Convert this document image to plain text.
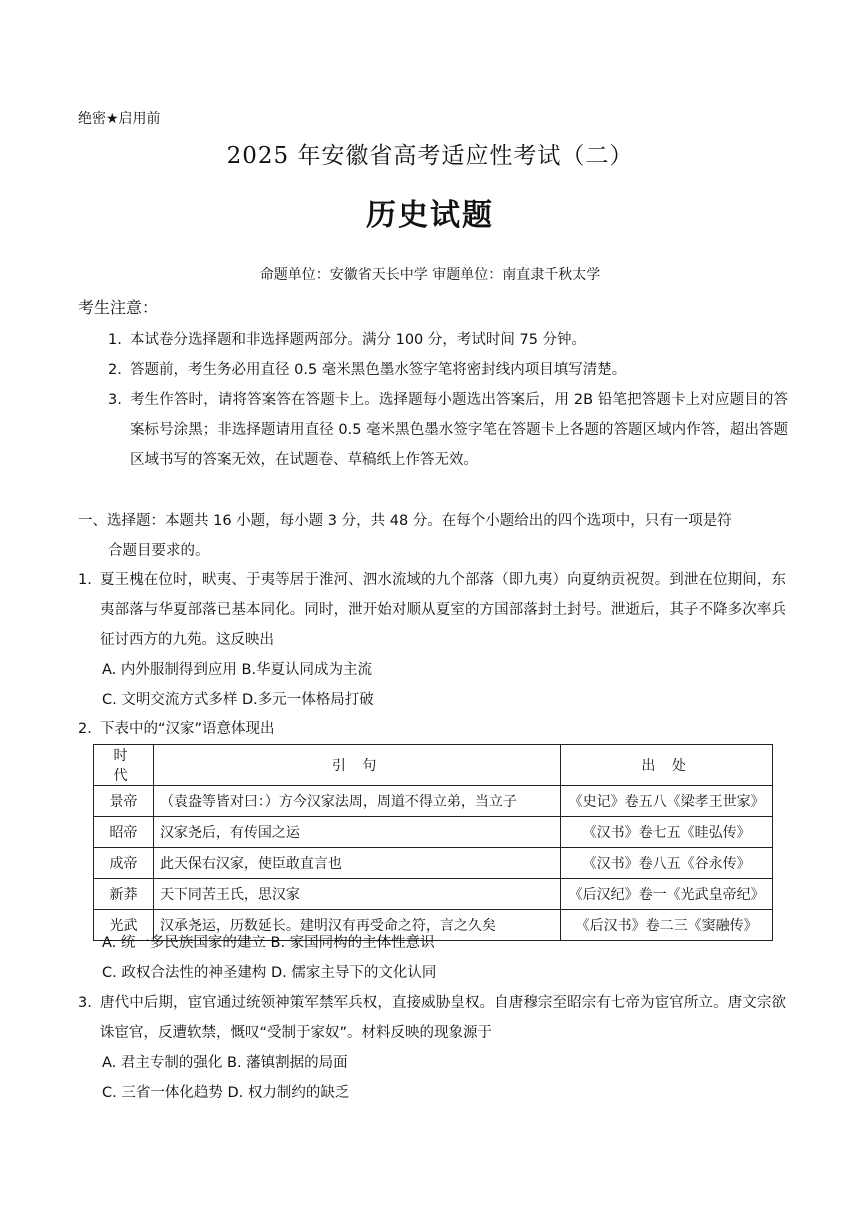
绝密★启用前
2025 年安徽省高考适应性考试（二）
历史试题
命题单位：安徽省天长中学 审题单位：南直隶千秋太学
考生注意：
1. 本试卷分选择题和非选择题两部分。满分 100 分，考试时间 75 分钟。
2. 答题前，考生务必用直径 0.5 毫米黑色墨水签字笔将密封线内项目填写清楚。
3. 考生作答时，请将答案答在答题卡上。选择题每小题选出答案后，用 2B 铅笔把答题卡上对应题目的答案标号涂黑；非选择题请用直径 0.5 毫米黑色墨水签字笔在答题卡上各题的答题区域内作答，超出答题区域书写的答案无效，在试题卷、草稿纸上作答无效。
一、选择题：本题共 16 小题，每小题 3 分，共 48 分。在每个小题给出的四个选项中，只有一项是符
合题目要求的。
1. 夏王槐在位时，畎夷、于夷等居于淮河、泗水流域的九个部落（即九夷）向夏纳贡祝贺。到泄在位期间，东夷部落与华夏部落已基本同化。同时，泄开始对顺从夏室的方国部落封土封号。泄逝后，其子不降多次率兵征讨西方的九苑。这反映出
A. 内外服制得到应用 B.华夏认同成为主流
C. 文明交流方式多样 D.多元一体格局打破
2. 下表中的“汉家”语意体现出
时 代	引 句	出 处
景帝	（袁盎等皆对曰：）方今汉家法周，周道不得立弟，当立子	《史记》卷五八《梁孝王世家》
昭帝	汉家尧后，有传国之运	《汉书》卷七五《眭弘传》
成帝	此天保右汉家，使臣敢直言也	《汉书》卷八五《谷永传》
新莽	天下同苦王氏，思汉家	《后汉纪》卷一《光武皇帝纪》
光武	汉承尧运，历数延长。建明汉有再受命之符，言之久矣	《后汉书》卷二三《窦融传》
A. 统一多民族国家的建立 B. 家国同构的主体性意识
C. 政权合法性的神圣建构 D. 儒家主导下的文化认同
3. 唐代中后期，宦官通过统领神策军禁军兵权，直接威胁皇权。自唐穆宗至昭宗有七帝为宦官所立。唐文宗欲诛宦官，反遭软禁，慨叹“受制于家奴”。材料反映的现象源于
A. 君主专制的强化 B. 藩镇割据的局面
C. 三省一体化趋势 D. 权力制约的缺乏
